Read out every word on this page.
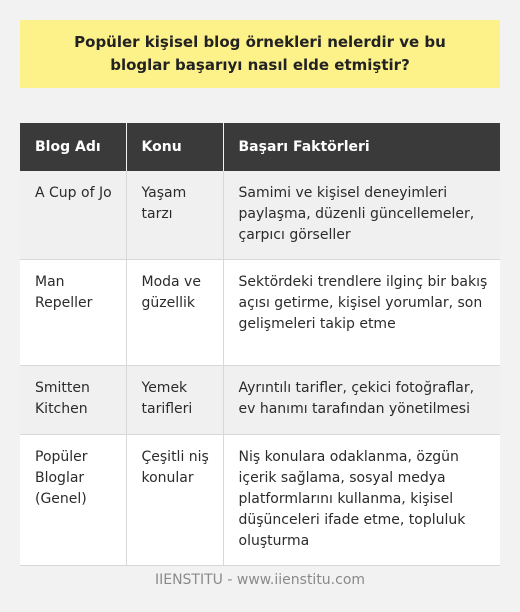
Popüler kişisel blog örnekleri nelerdir ve bu bloglar başarıyı nasıl elde etmiştir?
Blog Adı	Konu	Başarı Faktörleri
A Cup of Jo	Yaşam tarzı	Samimi ve kişisel deneyimleri paylaşma, düzenli güncellemeler, çarpıcı görseller
Man Repeller	Moda ve güzellik	Sektördeki trendlere ilginç bir bakış açısı getirme, kişisel yorumlar, son gelişmeleri takip etme
Smitten Kitchen	Yemek tarifleri	Ayrıntılı tarifler, çekici fotoğraflar, ev hanımı tarafından yönetilmesi
Popüler Bloglar (Genel)	Çeşitli niş konular	Niş konulara odaklanma, özgün içerik sağlama, sosyal medya platformlarını kullanma, kişisel düşünceleri ifade etme, topluluk oluşturma
IIENSTITU - www.iienstitu.com
